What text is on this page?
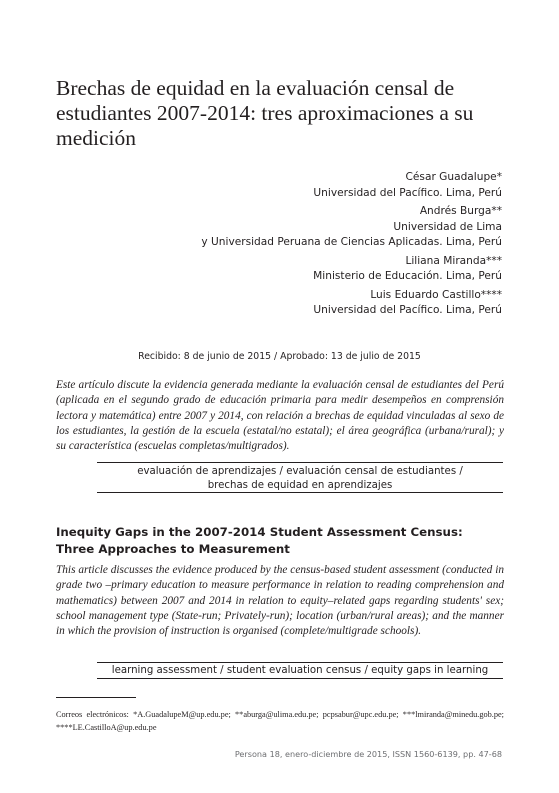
Brechas de equidad en la evaluación censal de estudiantes 2007-2014: tres aproximaciones a su medición
César Guadalupe*
Universidad del Pacífico. Lima, Perú
Andrés Burga**
Universidad de Lima
y Universidad Peruana de Ciencias Aplicadas. Lima, Perú
Liliana Miranda***
Ministerio de Educación. Lima, Perú
Luis Eduardo Castillo****
Universidad del Pacífico. Lima, Perú
Recibido: 8 de junio de 2015 / Aprobado: 13 de julio de 2015

Este artículo discute la evidencia generada mediante la evaluación censal de estudiantes del Perú (aplicada en el segundo grado de educación primaria para medir desempeños en comprensión lectora y matemática) entre 2007 y 2014, con relación a brechas de equidad vinculadas al sexo de los estudiantes, la gestión de la escuela (estatal/no estatal); el área geográfica (urbana/rural); y su característica (escuelas completas/multigrados).

evaluación de aprendizajes / evaluación censal de estudiantes /
brechas de equidad en aprendizajes
Inequity Gaps in the 2007-2014 Student Assessment Census:
Three Approaches to Measurement

This article discusses the evidence produced by the census-based student assessment (conducted in grade two –primary education to measure performance in relation to reading comprehension and mathematics) between 2007 and 2014 in relation to equity–related gaps regarding students' sex; school management type (State-run; Privately-run); location (urban/rural areas); and the manner in which the provision of instruction is organised (complete/multigrade schools).

learning assessment / student evaluation census / equity gaps in learning

Correos electrónicos: *A.GuadalupeM@up.edu.pe; **aburga@ulima.edu.pe; pcpsabur@upc.edu.pe; ***lmiranda@minedu.gob.pe; ****LE.CastilloA@up.edu.pe

Persona 18, enero-diciembre de 2015, ISSN 1560-6139, pp. 47-68
